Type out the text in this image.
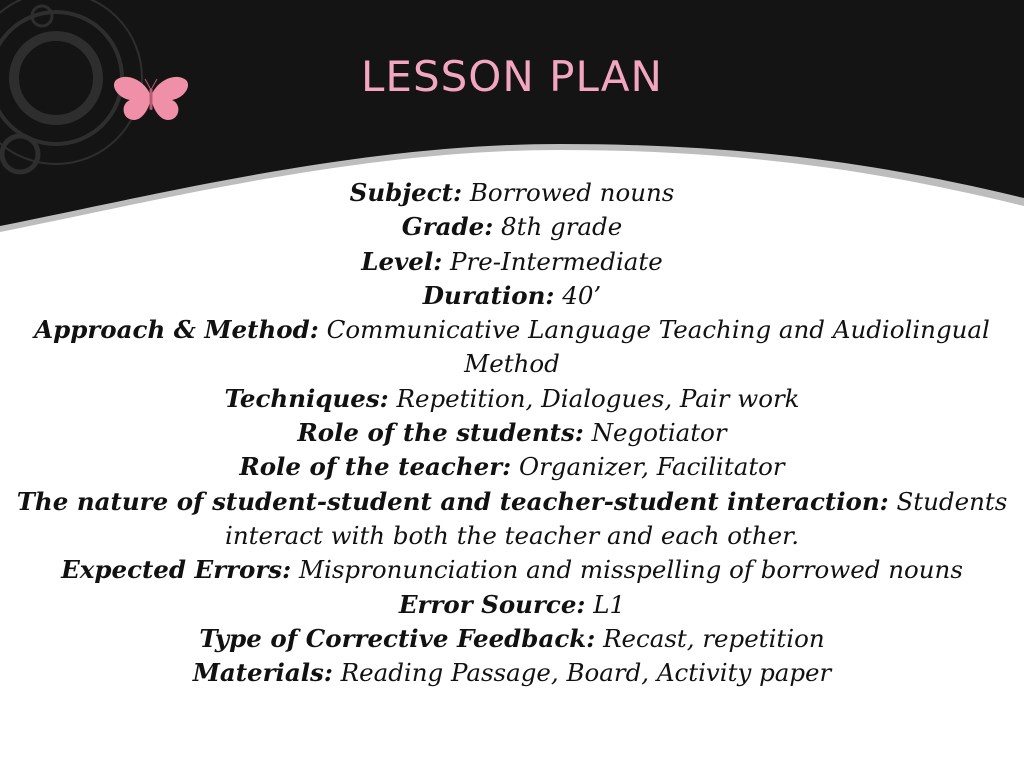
LESSON PLAN
Subject: Borrowed nouns
Grade: 8th grade
Level: Pre-Intermediate
Duration: 40’
Approach & Method: Communicative Language Teaching and Audiolingual Method
Techniques: Repetition, Dialogues, Pair work
Role of the students: Negotiator
Role of the teacher: Organizer, Facilitator
The nature of student-student and teacher-student interaction: Students interact with both the teacher and each other.
Expected Errors: Mispronunciation and misspelling of borrowed nouns
Error Source: L1
Type of Corrective Feedback: Recast, repetition
Materials: Reading Passage, Board, Activity paper
